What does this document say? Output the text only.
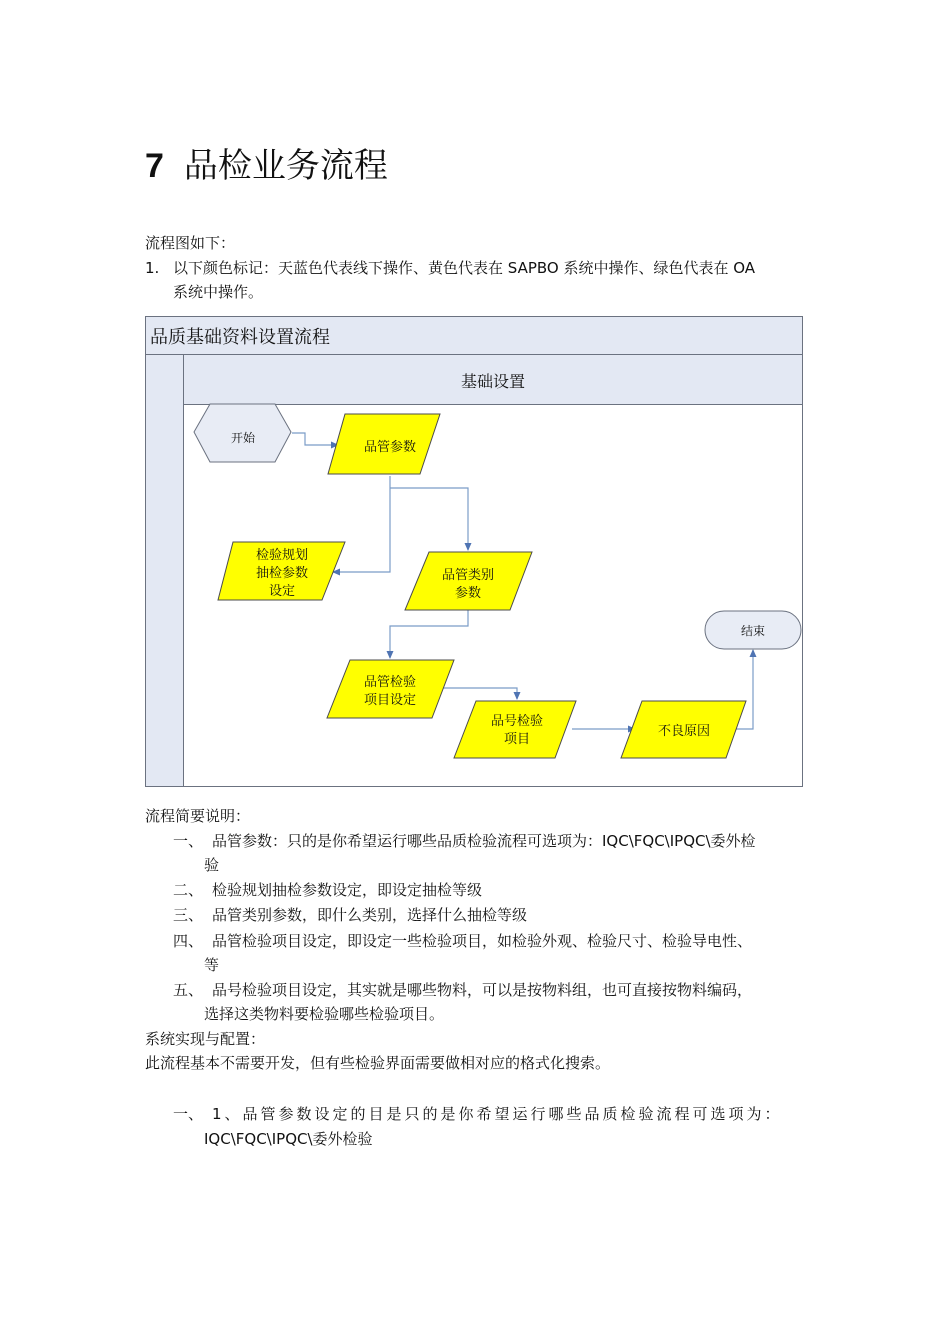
7 品检业务流程
流程图如下：
1. 以下颜色标记：天蓝色代表线下操作、黄色代表在 SAPBO 系统中操作、绿色代表在 OA
系统中操作。
品质基础资料设置流程
基础设置
开始
品管参数
检验规划
抽检参数
设定
品管类别
参数
品管检验
项目设定
品号检验
项目
不良原因
结束
流程简要说明：
一、 品管参数：只的是你希望运行哪些品质检验流程可选项为：IQC\FQC\IPQC\委外检
验
二、 检验规划抽检参数设定，即设定抽检等级
三、 品管类别参数，即什么类别，选择什么抽检等级
四、 品管检验项目设定，即设定一些检验项目，如检验外观、检验尺寸、检验导电性、
等
五、 品号检验项目设定，其实就是哪些物料，可以是按物料组，也可直接按物料编码，
选择这类物料要检验哪些检验项目。
系统实现与配置：
此流程基本不需要开发，但有些检验界面需要做相对应的格式化搜索。
一、 1、品管参数设定的目是只的是你希望运行哪些品质检验流程可选项为：
IQC\FQC\IPQC\委外检验
